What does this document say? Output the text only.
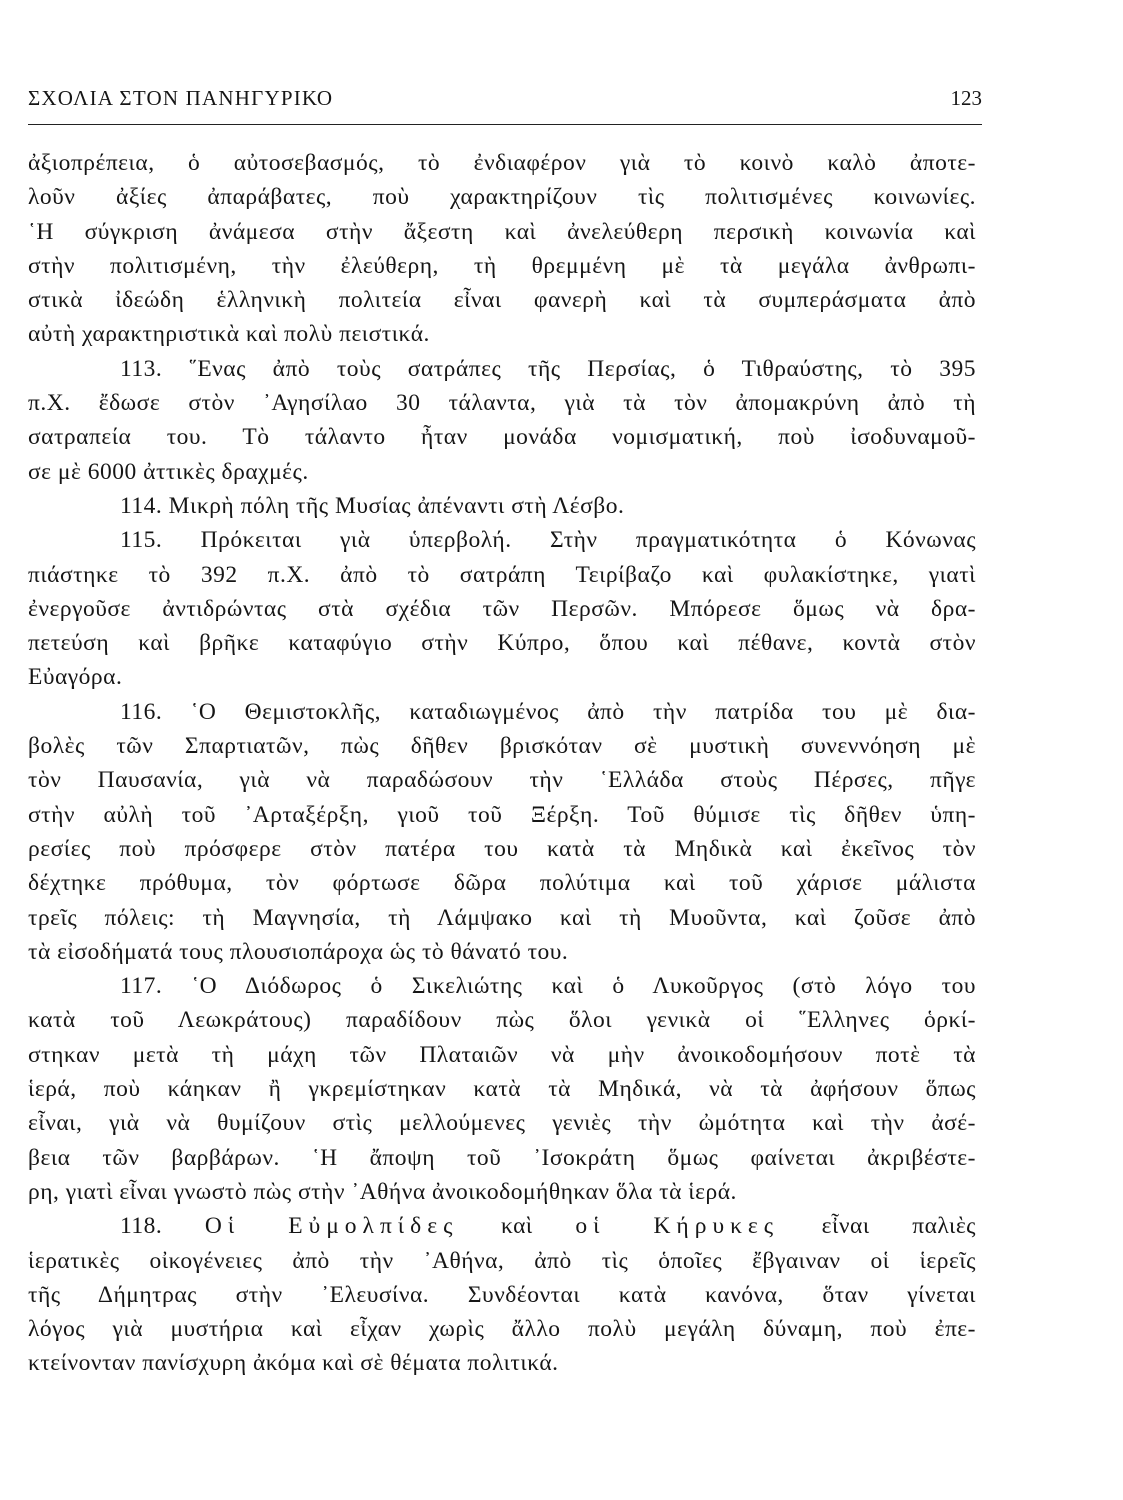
ΣΧΟΛΙΑ ΣΤΟΝ ΠΑΝΗΓΥΡΙΚΟ	123
ἀξιοπρέπεια, ὁ αὐτοσεβασμός, τὸ ἐνδιαφέρον γιὰ τὸ κοινὸ καλὸ ἀποτε-
λοῦν ἀξίες ἀπαράβατες, ποὺ χαρακτηρίζουν τὶς πολιτισμένες κοινωνίες.
῾Η σύγκριση ἀνάμεσα στὴν ἄξεστη καὶ ἀνελεύθερη περσικὴ κοινωνία καὶ
στὴν πολιτισμένη, τὴν ἐλεύθερη, τὴ θρεμμένη μὲ τὰ μεγάλα ἀνθρωπι-
στικὰ ἰδεώδη ἑλληνικὴ πολιτεία εἶναι φανερὴ καὶ τὰ συμπεράσματα ἀπὸ
αὐτὴ χαρακτηριστικὰ καὶ πολὺ πειστικά.
113. ῞Ενας ἀπὸ τοὺς σατράπες τῆς Περσίας, ὁ Τιθραύστης, τὸ 395
π.Χ. ἔδωσε στὸν ᾿Αγησίλαο 30 τάλαντα, γιὰ τὰ τὸν ἀπομακρύνη ἀπὸ τὴ
σατραπεία του. Τὸ τάλαντο ἦταν μονάδα νομισματική, ποὺ ἰσοδυναμοῦ-
σε μὲ 6000 ἀττικὲς δραχμές.
114. Μικρὴ πόλη τῆς Μυσίας ἀπέναντι στὴ Λέσβο.
115. Πρόκειται γιὰ ὑπερβολή. Στὴν πραγματικότητα ὁ Κόνωνας
πιάστηκε τὸ 392 π.Χ. ἀπὸ τὸ σατράπη Τειρίβαζο καὶ φυλακίστηκε, γιατὶ
ἐνεργοῦσε ἀντιδρώντας στὰ σχέδια τῶν Περσῶν. Μπόρεσε ὅμως νὰ δρα-
πετεύση καὶ βρῆκε καταφύγιο στὴν Κύπρο, ὅπου καὶ πέθανε, κοντὰ στὸν
Εὐαγόρα.
116. ῾Ο Θεμιστοκλῆς, καταδιωγμένος ἀπὸ τὴν πατρίδα του μὲ δια-
βολὲς τῶν Σπαρτιατῶν, πὼς δῆθεν βρισκόταν σὲ μυστικὴ συνεννόηση μὲ
τὸν Παυσανία, γιὰ νὰ παραδώσουν τὴν ῾Ελλάδα στοὺς Πέρσες, πῆγε
στὴν αὐλὴ τοῦ ᾿Αρταξέρξη, γιοῦ τοῦ Ξέρξη. Τοῦ θύμισε τὶς δῆθεν ὑπη-
ρεσίες ποὺ πρόσφερε στὸν πατέρα του κατὰ τὰ Μηδικὰ καὶ ἐκεῖνος τὸν
δέχτηκε πρόθυμα, τὸν φόρτωσε δῶρα πολύτιμα καὶ τοῦ χάρισε μάλιστα
τρεῖς πόλεις: τὴ Μαγνησία, τὴ Λάμψακο καὶ τὴ Μυοῦντα, καὶ ζοῦσε ἀπὸ
τὰ εἰσοδήματά τους πλουσιοπάροχα ὡς τὸ θάνατό του.
117. ῾Ο Διόδωρος ὁ Σικελιώτης καὶ ὁ Λυκοῦργος (στὸ λόγο του
κατὰ τοῦ Λεωκράτους) παραδίδουν πὼς ὅλοι γενικὰ οἱ ῞Ελληνες ὁρκί-
στηκαν μετὰ τὴ μάχη τῶν Πλαταιῶν νὰ μὴν ἀνοικοδομήσουν ποτὲ τὰ
ἱερά, ποὺ κάηκαν ἢ γκρεμίστηκαν κατὰ τὰ Μηδικά, νὰ τὰ ἀφήσουν ὅπως
εἶναι, γιὰ νὰ θυμίζουν στὶς μελλούμενες γενιὲς τὴν ὠμότητα καὶ τὴν ἀσέ-
βεια τῶν βαρβάρων. ῾Η ἄποψη τοῦ ᾿Ισοκράτη ὅμως φαίνεται ἀκριβέστε-
ρη, γιατὶ εἶναι γνωστὸ πὼς στὴν ᾿Αθήνα ἀνοικοδομήθηκαν ὅλα τὰ ἱερά.
118. Οἱ Εὐμολπίδες καὶ οἱ Κήρυκες εἶναι παλιὲς
ἱερατικὲς οἰκογένειες ἀπὸ τὴν ᾿Αθήνα, ἀπὸ τὶς ὁποῖες ἔβγαιναν οἱ ἱερεῖς
τῆς Δήμητρας στὴν ᾿Ελευσίνα. Συνδέονται κατὰ κανόνα, ὅταν γίνεται
λόγος γιὰ μυστήρια καὶ εἶχαν χωρὶς ἄλλο πολὺ μεγάλη δύναμη, ποὺ ἐπε-
κτείνονταν πανίσχυρη ἀκόμα καὶ σὲ θέματα πολιτικά.
